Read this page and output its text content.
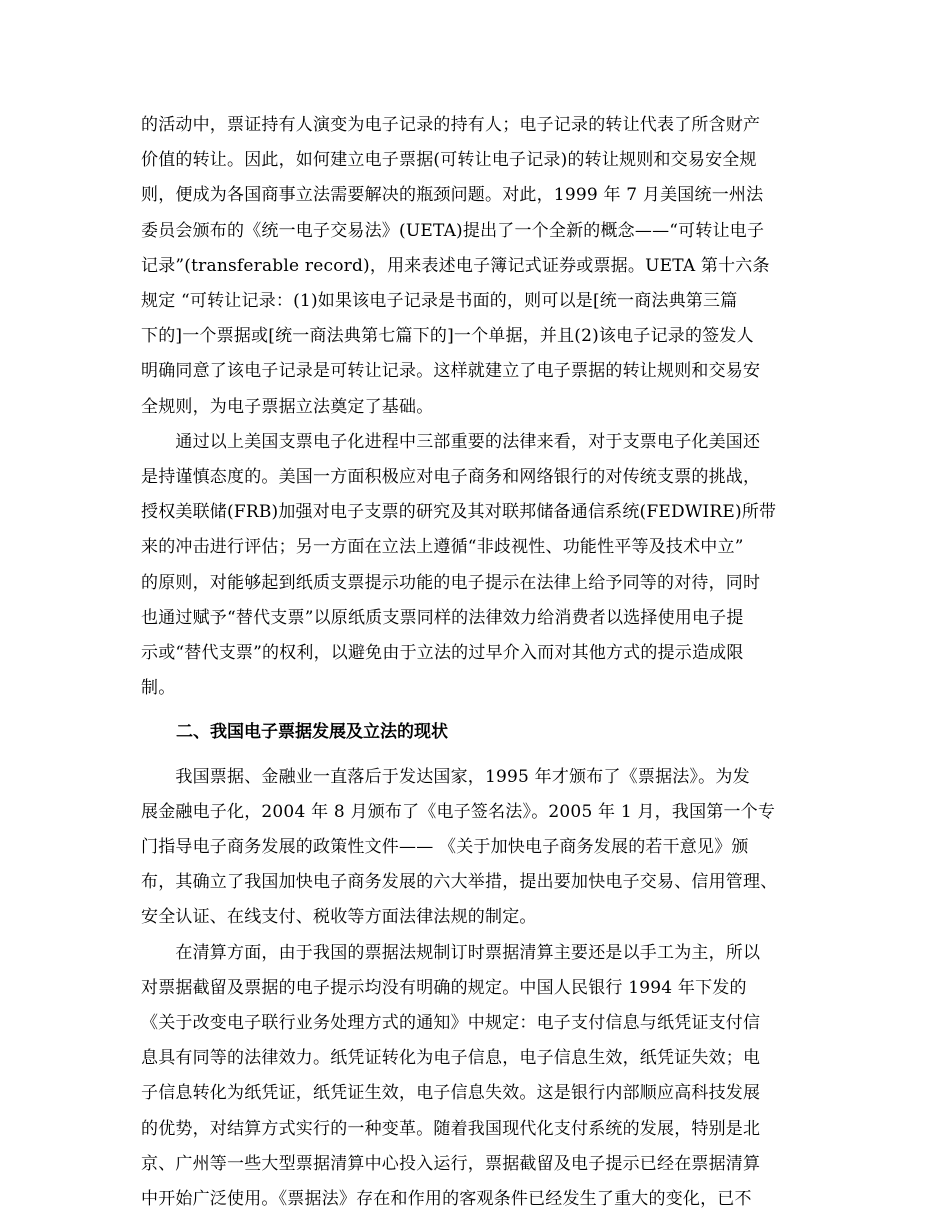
的活动中，票证持有人演变为电子记录的持有人；电子记录的转让代表了所含财产
价值的转让。因此，如何建立电子票据(可转让电子记录)的转让规则和交易安全规
则，便成为各国商事立法需要解决的瓶颈问题。对此，1999 年 7 月美国统一州法
委员会颁布的《统一电子交易法》(UETA)提出了一个全新的概念——“可转让电子
记录”(transferable record)，用来表述电子簿记式证券或票据。UETA 第十六条
规定 “可转让记录：(1)如果该电子记录是书面的，则可以是[统一商法典第三篇
下的]一个票据或[统一商法典第七篇下的]一个单据，并且(2)该电子记录的签发人
明确同意了该电子记录是可转让记录。这样就建立了电子票据的转让规则和交易安
全规则，为电子票据立法奠定了基础。
　　通过以上美国支票电子化进程中三部重要的法律来看，对于支票电子化美国还
是持谨慎态度的。美国一方面积极应对电子商务和网络银行的对传统支票的挑战，
授权美联储(FRB)加强对电子支票的研究及其对联邦储备通信系统(FEDWIRE)所带
来的冲击进行评估；另一方面在立法上遵循“非歧视性、功能性平等及技术中立”
的原则，对能够起到纸质支票提示功能的电子提示在法律上给予同等的对待，同时
也通过赋予“替代支票”以原纸质支票同样的法律效力给消费者以选择使用电子提
示或“替代支票”的权利，以避免由于立法的过早介入而对其他方式的提示造成限
制。
二、我国电子票据发展及立法的现状
　　我国票据、金融业一直落后于发达国家，1995 年才颁布了《票据法》。为发
展金融电子化，2004 年 8 月颁布了《电子签名法》。2005 年 1 月，我国第一个专
门指导电子商务发展的政策性文件—— 《关于加快电子商务发展的若干意见》颁
布，其确立了我国加快电子商务发展的六大举措，提出要加快电子交易、信用管理、
安全认证、在线支付、税收等方面法律法规的制定。
　　在清算方面，由于我国的票据法规制订时票据清算主要还是以手工为主，所以
对票据截留及票据的电子提示均没有明确的规定。中国人民银行 1994 年下发的
《关于改变电子联行业务处理方式的通知》中规定：电子支付信息与纸凭证支付信
息具有同等的法律效力。纸凭证转化为电子信息，电子信息生效，纸凭证失效；电
子信息转化为纸凭证，纸凭证生效，电子信息失效。这是银行内部顺应高科技发展
的优势，对结算方式实行的一种变革。随着我国现代化支付系统的发展，特别是北
京、广州等一些大型票据清算中心投入运行，票据截留及电子提示已经在票据清算
中开始广泛使用。《票据法》存在和作用的客观条件已经发生了重大的变化，已不
